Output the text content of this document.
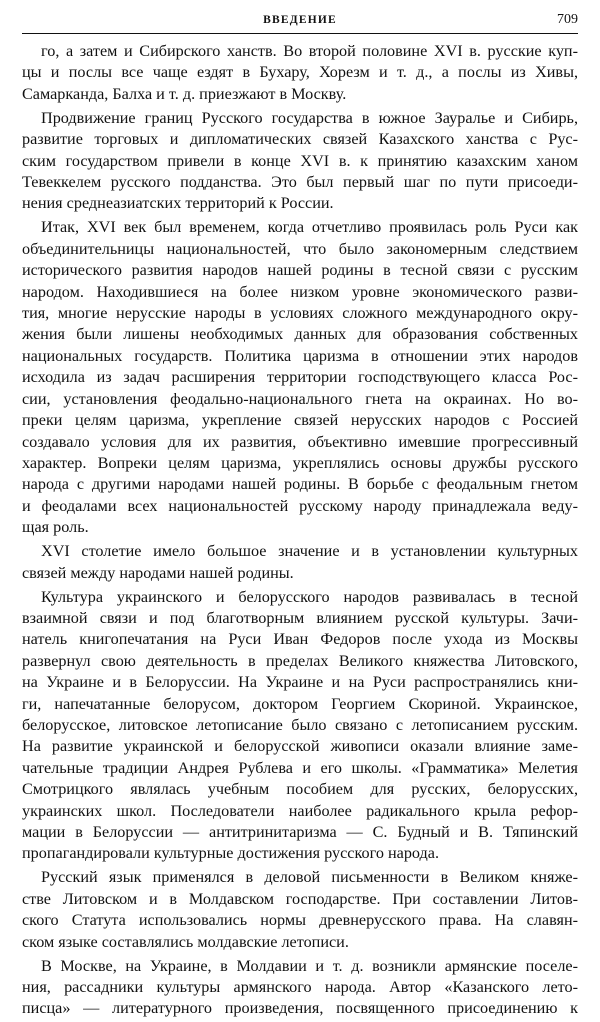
ВВЕДЕНИЕ	709
го, а затем и Сибирского ханств. Во второй половине XVI в. русские куп-
цы и послы все чаще ездят в Бухару, Хорезм и т. д., а послы из Хивы,
Самарканда, Балха и т. д. приезжают в Москву.
Продвижение границ Русского государства в южное Зауралье и Сибирь,
развитие торговых и дипломатических связей Казахского ханства с Рус-
ским государством привели в конце XVI в. к принятию казахским ханом
Тевеккелем русского подданства. Это был первый шаг по пути присоеди-
нения среднеазиатских территорий к России.
Итак, XVI век был временем, когда отчетливо проявилась роль Руси как
объединительницы национальностей, что было закономерным следствием
исторического развития народов нашей родины в тесной связи с русским
народом. Находившиеся на более низком уровне экономического разви-
тия, многие нерусские народы в условиях сложного международного окру-
жения были лишены необходимых данных для образования собственных
национальных государств. Политика царизма в отношении этих народов
исходила из задач расширения территории господствующего класса Рос-
сии, установления феодально-национального гнета на окраинах. Но во-
преки целям царизма, укрепление связей нерусских народов с Россией
создавало условия для их развития, объективно имевшие прогрессивный
характер. Вопреки целям царизма, укреплялись основы дружбы русского
народа с другими народами нашей родины. В борьбе с феодальным гнетом
и феодалами всех национальностей русскому народу принадлежала веду-
щая роль.
XVI столетие имело большое значение и в установлении культурных
связей между народами нашей родины.
Культура украинского и белорусского народов развивалась в тесной
взаимной связи и под благотворным влиянием русской культуры. Зачи-
натель книгопечатания на Руси Иван Федоров после ухода из Москвы
развернул свою деятельность в пределах Великого княжества Литовского,
на Украине и в Белоруссии. На Украине и на Руси распространялись кни-
ги, напечатанные белорусом, доктором Георгием Скориной. Украинское,
белорусское, литовское летописание было связано с летописанием русским.
На развитие украинской и белорусской живописи оказали влияние заме-
чательные традиции Андрея Рублева и его школы. «Грамматика» Мелетия
Смотрицкого являлась учебным пособием для русских, белорусских,
украинских школ. Последователи наиболее радикального крыла рефор-
мации в Белоруссии — антитринитаризма — С. Будный и В. Тяпинский
пропагандировали культурные достижения русского народа.
Русский язык применялся в деловой письменности в Великом княже-
стве Литовском и в Молдавском господарстве. При составлении Литов-
ского Статута использовались нормы древнерусского права. На славян-
ском языке составлялись молдавские летописи.
В Москве, на Украине, в Молдавии и т. д. возникли армянские поселе-
ния, рассадники культуры армянского народа. Автор «Казанского лето-
писца» — литературного произведения, посвященного присоединению к
